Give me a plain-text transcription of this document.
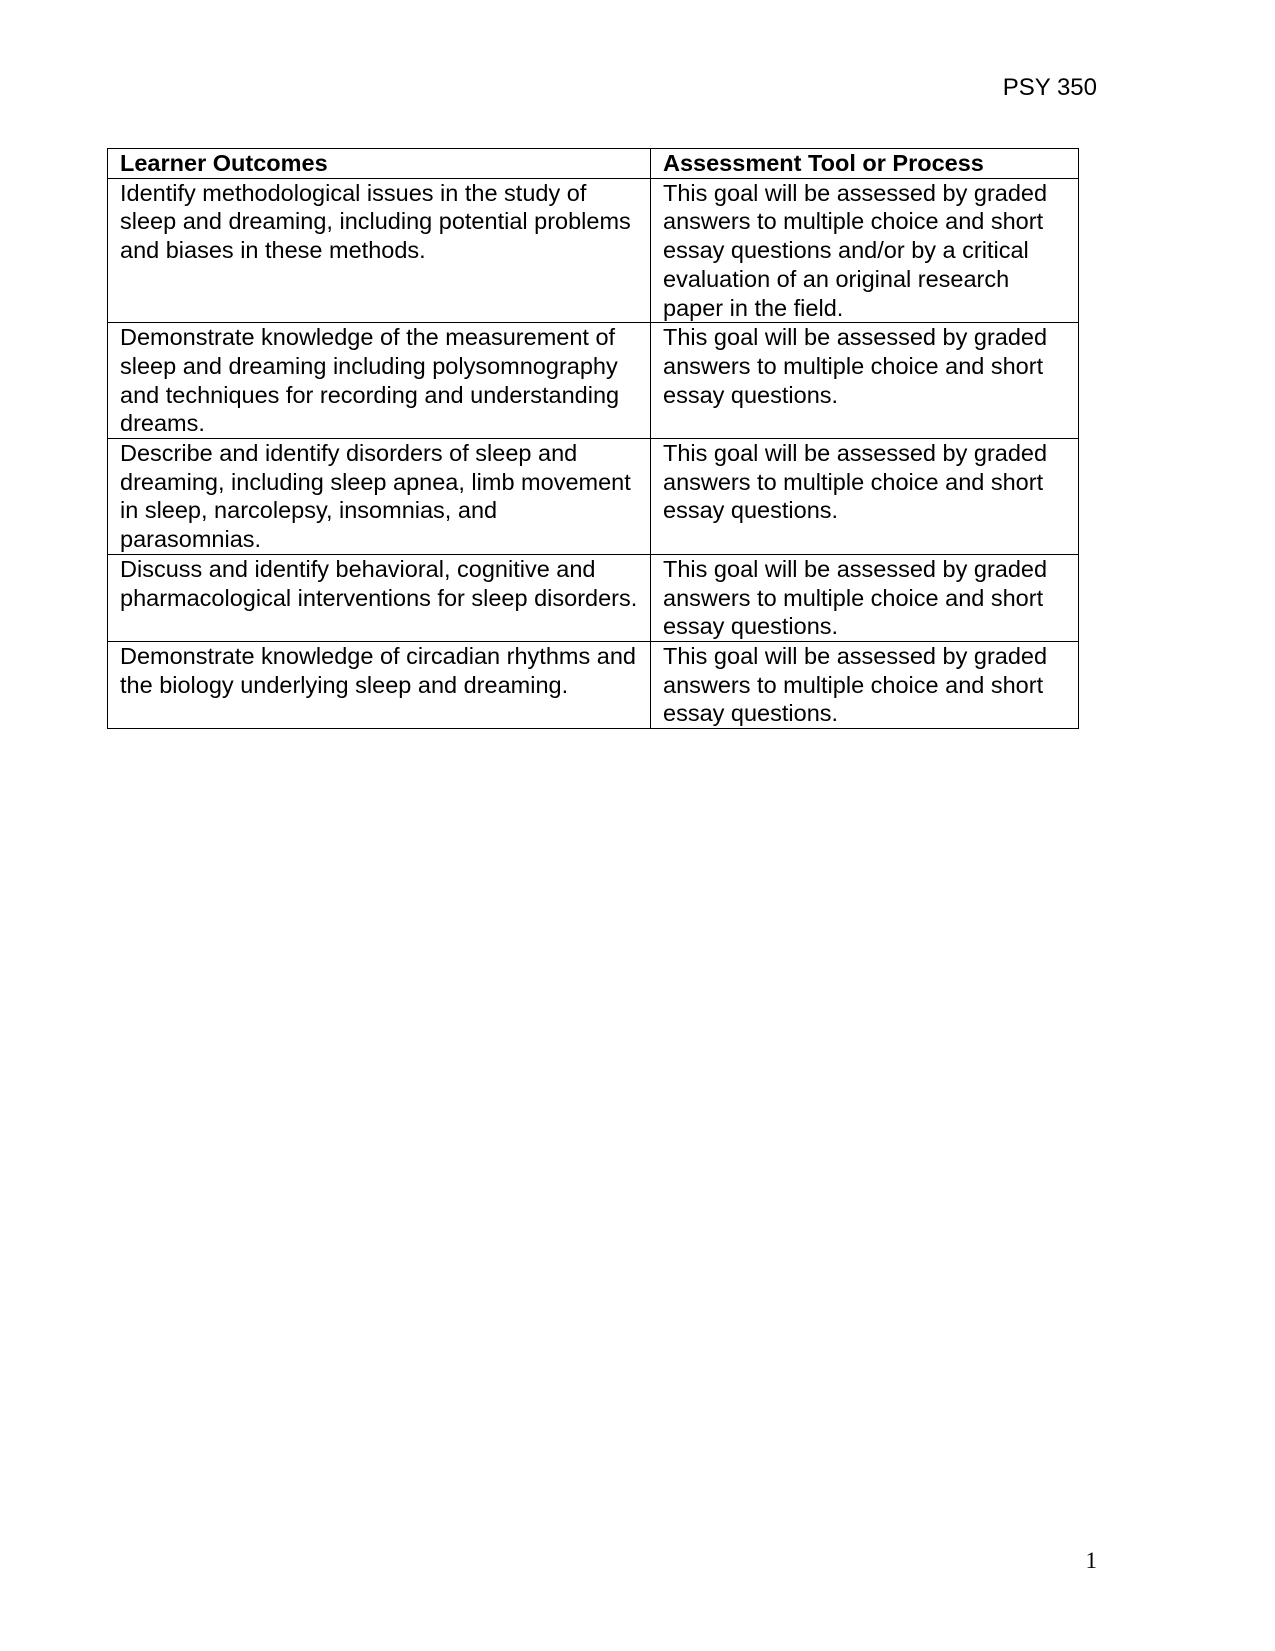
PSY 350
Learner Outcomes	Assessment Tool or Process
Identify methodological issues in the study of sleep and dreaming, including potential problems and biases in these methods.	This goal will be assessed by graded answers to multiple choice and short essay questions and/or by a critical evaluation of an original research paper in the field.
Demonstrate knowledge of the measurement of sleep and dreaming including polysomnography and techniques for recording and understanding dreams.	This goal will be assessed by graded answers to multiple choice and short essay questions.
Describe and identify disorders of sleep and dreaming, including sleep apnea, limb movement in sleep, narcolepsy, insomnias, and parasomnias.	This goal will be assessed by graded answers to multiple choice and short essay questions.
Discuss and identify behavioral, cognitive and pharmacological interventions for sleep disorders.	This goal will be assessed by graded answers to multiple choice and short essay questions.
Demonstrate knowledge of circadian rhythms and the biology underlying sleep and dreaming.	This goal will be assessed by graded answers to multiple choice and short essay questions.
1
